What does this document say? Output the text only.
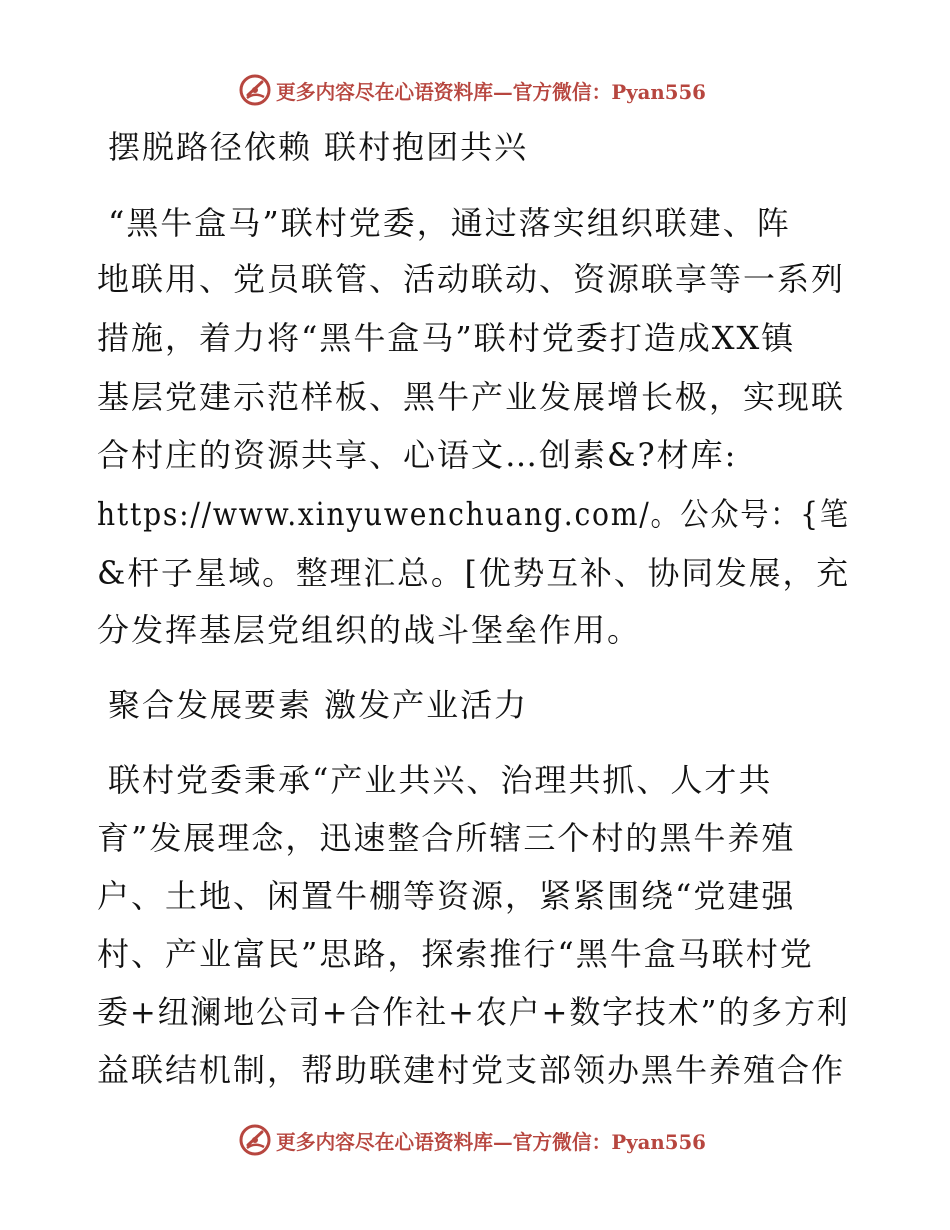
更多内容尽在心语资料库—官方微信：Pyan556
摆脱路径依赖 联村抱团共兴
“黑牛盒马”联村党委，通过落实组织联建、阵
地联用、党员联管、活动联动、资源联享等一系列
措施，着力将“黑牛盒马”联村党委打造成XX镇
基层党建示范样板、黑牛产业发展增长极，实现联
合村庄的资源共享、心语文…创素&?材库:
https://www.xinyuwenchuang.com/。公众号：{笔
&杆子星域。整理汇总。[优势互补、协同发展，充
分发挥基层党组织的战斗堡垒作用。
聚合发展要素 激发产业活力
联村党委秉承“产业共兴、治理共抓、人才共
育”发展理念，迅速整合所辖三个村的黑牛养殖
户、土地、闲置牛棚等资源，紧紧围绕“党建强
村、产业富民”思路，探索推行“黑牛盒马联村党
委+纽澜地公司+合作社+农户+数字技术”的多方利
益联结机制，帮助联建村党支部领办黑牛养殖合作
更多内容尽在心语资料库—官方微信：Pyan556
